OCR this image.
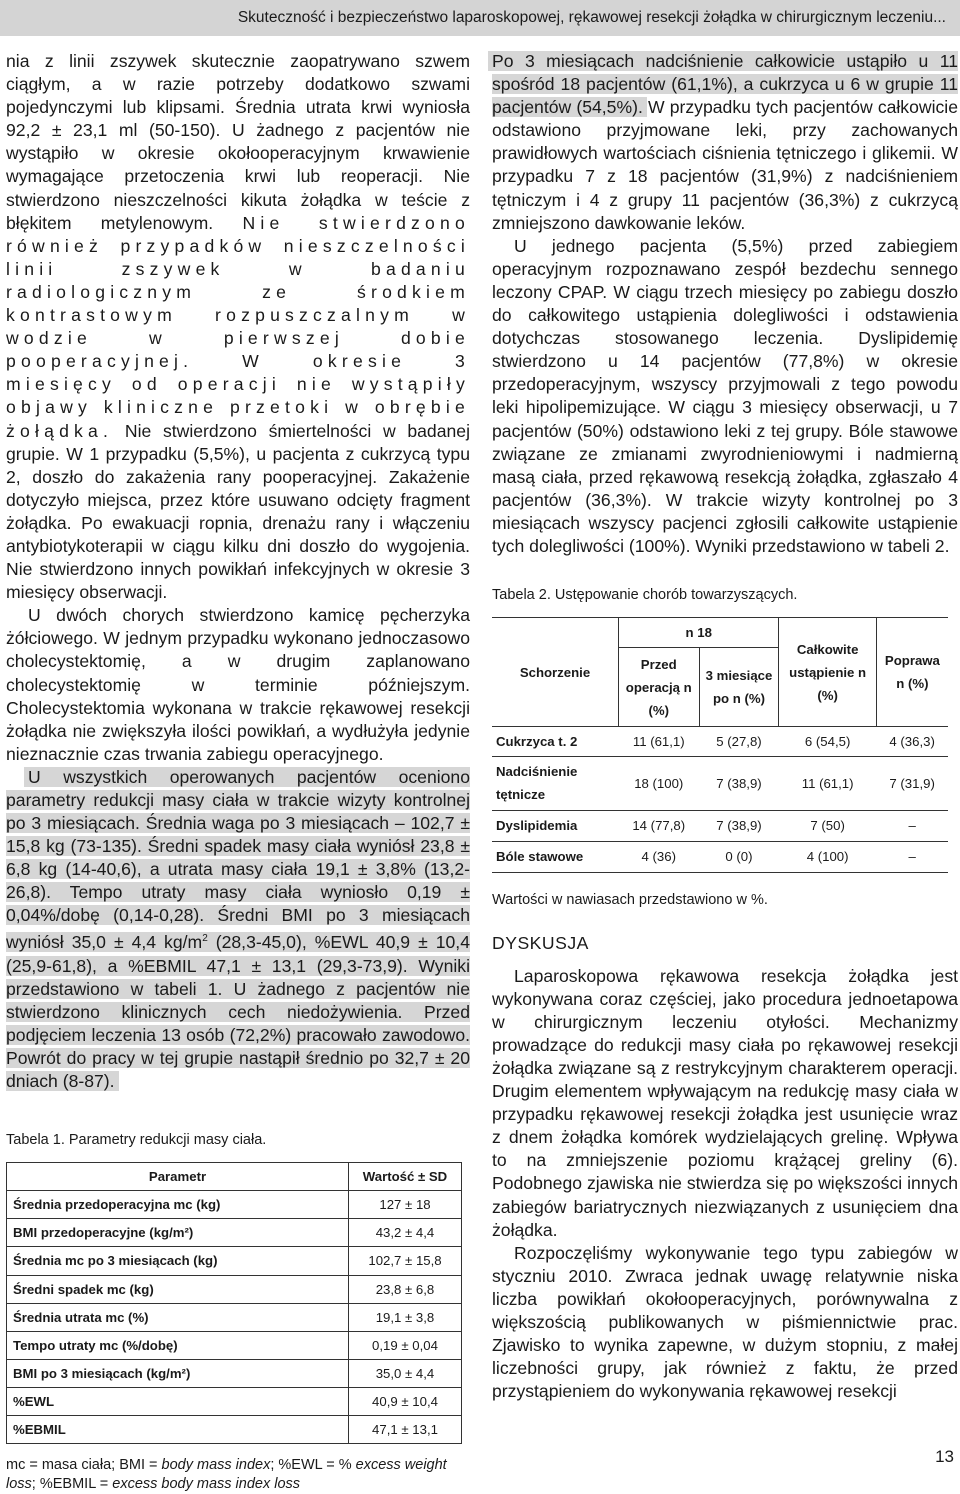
Skuteczność i bezpieczeństwo laparoskopowej, rękawowej resekcji żołądka w chirurgicznym leczeniu...

nia z linii zszywek skutecznie zaopatrywano szwem ciągłym, a w razie potrzeby dodatkowo szwami pojedynczymi lub klipsami. Średnia utrata krwi wyniosła 92,2 ± 23,1 ml (50-150). U żadnego z pacjentów nie wystąpiło w okresie okołooperacyjnym krwawienie wymagające przetoczenia krwi lub reoperacji. Nie stwierdzono nieszczelności kikuta żołądka w teście z błękitem metylenowym. Nie stwierdzono również przypadków nieszczelności linii zszywek w badaniu radiologicznym ze środkiem kontrastowym rozpuszczalnym w wodzie w pierwszej dobie pooperacyjnej. W okresie 3 miesięcy od operacji nie wystąpiły objawy kliniczne przetoki w obrębie żołądka. Nie stwierdzono śmiertelności w badanej grupie. W 1 przypadku (5,5%), u pacjenta z cukrzycą typu 2, doszło do zakażenia rany pooperacyjnej. Zakażenie dotyczyło miejsca, przez które usuwano odcięty fragment żołądka. Po ewakuacji ropnia, drenażu rany i włączeniu antybiotykoterapii w ciągu kilku dni doszło do wygojenia. Nie stwierdzono innych powikłań infekcyjnych w okresie 3 miesięcy obserwacji.

U dwóch chorych stwierdzono kamicę pęcherzyka żółciowego. W jednym przypadku wykonano jednoczasowo cholecystektomię, a w drugim zaplanowano cholecystektomię w terminie późniejszym. Cholecystektomia wykonana w trakcie rękawowej resekcji żołądka nie zwiększyła ilości powikłań, a wydłużyła jedynie nieznacznie czas trwania zabiegu operacyjnego.

U wszystkich operowanych pacjentów oceniono parametry redukcji masy ciała w trakcie wizyty kontrolnej po 3 miesiącach. Średnia waga po 3 miesiącach – 102,7 ± 15,8 kg (73-135). Średni spadek masy ciała wyniósł 23,8 ± 6,8 kg (14-40,6), a utrata masy ciała 19,1 ± 3,8% (13,2-26,8). Tempo utraty masy ciała wyniosło 0,19 ± 0,04%/dobę (0,14-0,28). Średni BMI po 3 miesiącach wyniósł 35,0 ± 4,4 $kg/m^2$ (28,3-45,0), %EWL 40,9 ± 10,4 (25,9-61,8), a %EBMIL 47,1 ± 13,1 (29,3-73,9). Wyniki przedstawiono w tabeli 1. U żadnego z pacjentów nie stwierdzono klinicznych cech niedożywienia. Przed podjęciem leczenia 13 osób (72,2%) pracowało zawodowo. Powrót do pracy w tej grupie nastąpił średnio po 32,7 ± 20 dniach (8-87).

Tabela 1. Parametry redukcji masy ciała.
Parametr	Wartość ± SD
Średnia przedoperacyjna mc (kg)	127 ± 18
BMI przedoperacyjne (kg/m²)	43,2 ± 4,4
Średnia mc po 3 miesiącach (kg)	102,7 ± 15,8
Średni spadek mc (kg)	23,8 ± 6,8
Średnia utrata mc (%)	19,1 ± 3,8
Tempo utraty mc (%/dobę)	0,19 ± 0,04
BMI po 3 miesiącach (kg/m²)	35,0 ± 4,4
%EWL	40,9 ± 10,4
%EBMIL	47,1 ± 13,1
mc = masa ciała; BMI = body mass index; %EWL = % excess weight loss; %EBMIL = excess body mass index loss

Po 3 miesiącach nadciśnienie całkowicie ustąpiło u 11 spośród 18 pacjentów (61,1%), a cukrzyca u 6 w grupie 11 pacjentów (54,5%). W przypadku tych pacjentów całkowicie odstawiono przyjmowane leki, przy zachowanych prawidłowych wartościach ciśnienia tętniczego i glikemii. W przypadku 7 z 18 pacjentów (31,9%) z nadciśnieniem tętniczym i 4 z grupy 11 pacjentów (36,3%) z cukrzycą zmniejszono dawkowanie leków.

U jednego pacjenta (5,5%) przed zabiegiem operacyjnym rozpoznawano zespół bezdechu sennego leczony CPAP. W ciągu trzech miesięcy po zabiegu doszło do całkowitego ustąpienia dolegliwości i odstawienia dotychczas stosowanego leczenia. Dyslipidemię stwierdzono u 14 pacjentów (77,8%) w okresie przedoperacyjnym, wszyscy przyjmowali z tego powodu leki hipolipemizujące. W ciągu 3 miesięcy obserwacji, u 7 pacjentów (50%) odstawiono leki z tej grupy. Bóle stawowe związane ze zmianami zwyrodnieniowymi i nadmierną masą ciała, przed rękawową resekcją żołądka, zgłaszało 4 pacjentów (36,3%). W trakcie wizyty kontrolnej po 3 miesiącach wszyscy pacjenci zgłosili całkowite ustąpienie tych dolegliwości (100%). Wyniki przedstawiono w tabeli 2.

Tabela 2. Ustępowanie chorób towarzyszących.
Schorzenie	n 18		Całkowite ustąpienie n (%)	Poprawa n (%)
	Przed operacją n (%)	3 miesiące po n (%)		
Cukrzyca t. 2	11 (61,1)	5 (27,8)	6 (54,5)	4 (36,3)
Nadciśnienie tętnicze	18 (100)	7 (38,9)	11 (61,1)	7 (31,9)
Dyslipidemia	14 (77,8)	7 (38,9)	7 (50)	–
Bóle stawowe	4 (36)	0 (0)	4 (100)	–
Wartości w nawiasach przedstawiono w %.
DYSKUSJA

Laparoskopowa rękawowa resekcja żołądka jest wykonywana coraz częściej, jako procedura jednoetapowa w chirurgicznym leczeniu otyłości. Mechanizmy prowadzące do redukcji masy ciała po rękawowej resekcji żołądka związane są z restrykcyjnym charakterem operacji. Drugim elementem wpływającym na redukcję masy ciała w przypadku rękawowej resekcji żołądka jest usunięcie wraz z dnem żołądka komórek wydzielających grelinę. Wpływa to na zmniejszenie poziomu krążącej greliny (6). Podobnego zjawiska nie stwierdza się po większości innych zabiegów bariatrycznych niezwiązanych z usunięciem dna żołądka.

Rozpoczęliśmy wykonywanie tego typu zabiegów w styczniu 2010. Zwraca jednak uwagę relatywnie niska liczba powikłań okołooperacyjnych, porównywalna z większością publikowanych w piśmiennictwie prac. Zjawisko to wynika zapewne, w dużym stopniu, z małej liczebności grupy, jak również z faktu, że przed przystąpieniem do wykonywania rękawowej resekcji

13
